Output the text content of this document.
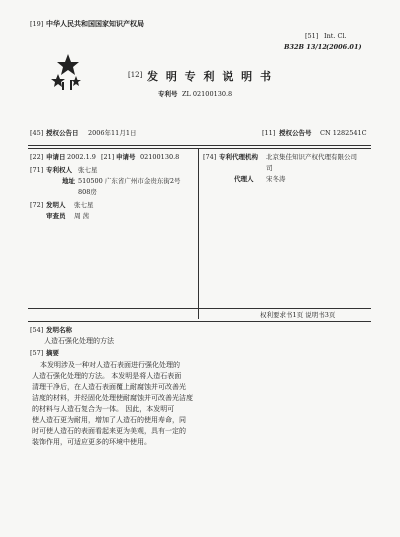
[19] 中华人民共和国国家知识产权局
[51] Int. Cl.
B32B 13/12 (2006.01)
[12] 发 明 专 利 说 明 书
专利号 ZL 02100130.8
[45] 授权公告日 2006年11月1日	[11] 授权公告号 CN 1282541C
[22] 申请日 2002.1.9 [21] 申请号 02100130.8
[71] 专利权人 张七星
地址 510500 广东省广州市金贵东街2号
808房
[72] 发明人 张七星
审查员 周 茜
[74] 专利代理机构 北京集佳知识产权代理有限公司
司
代理人 宋冬涛
权利要求书1页 说明书3页
[54] 发明名称
人造石强化处理的方法
[57] 摘要
本发明涉及一种对人造石表面进行强化处理的
人造石强化处理的方法。 本发明是将人造石表面
清理干净后，在人造石表面覆上耐腐蚀并可改善光
洁度的材料，并经固化处理使耐腐蚀并可改善光洁度
的材料与人造石复合为一体。 因此，本发明可
使人造石更为耐用，增加了人造石的使用寿命，同
时可使人造石的表面看起来更为美观，具有一定的
装饰作用，可适应更多的环境中使用。
